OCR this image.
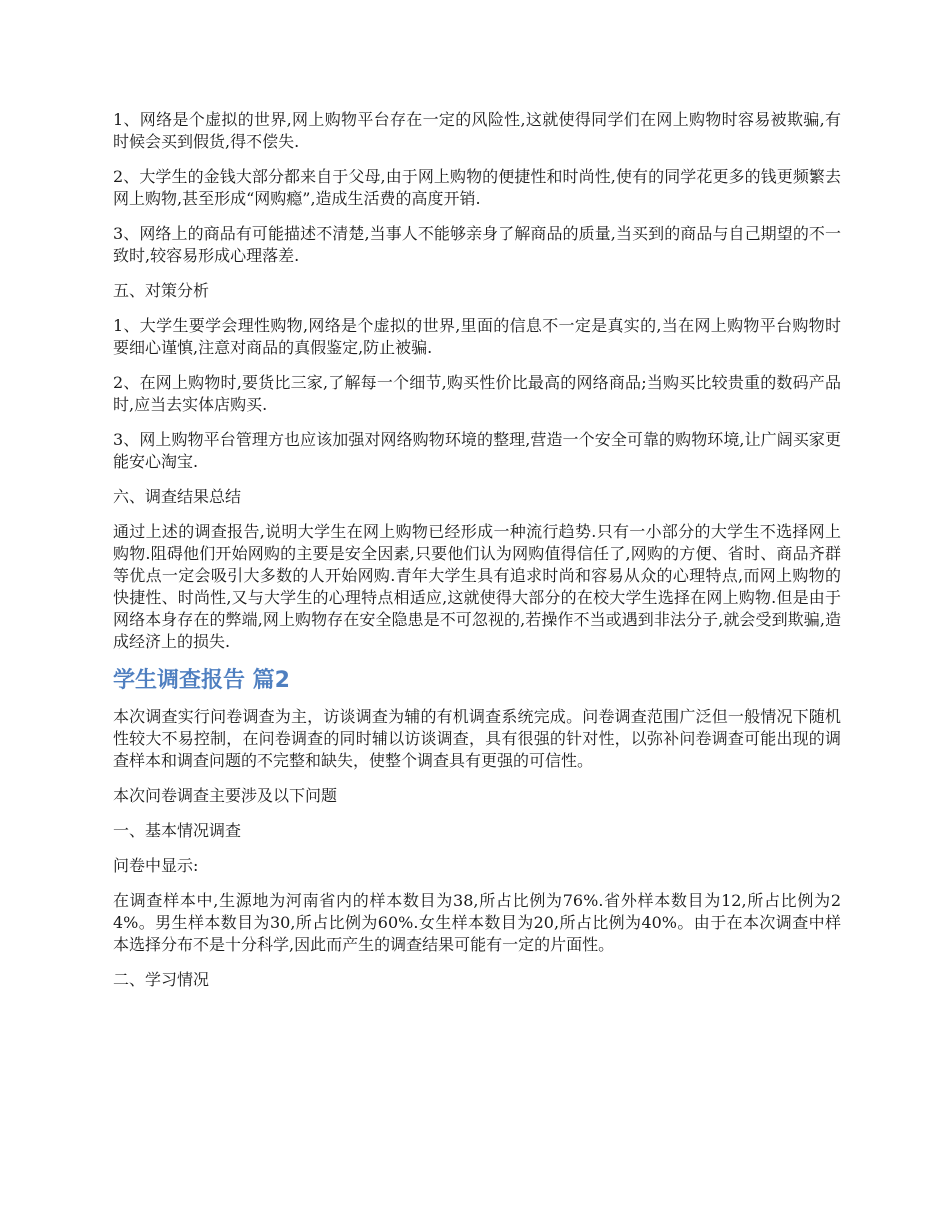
1、网络是个虚拟的世界,网上购物平台存在一定的风险性,这就使得同学们在网上购物时容易被欺骗,有时候会买到假货,得不偿失.

2、大学生的金钱大部分都来自于父母,由于网上购物的便捷性和时尚性,使有的同学花更多的钱更频繁去网上购物,甚至形成“网购瘾”,造成生活费的高度开销.

3、网络上的商品有可能描述不清楚,当事人不能够亲身了解商品的质量,当买到的商品与自己期望的不一致时,较容易形成心理落差.

五、对策分析

1、大学生要学会理性购物,网络是个虚拟的世界,里面的信息不一定是真实的,当在网上购物平台购物时要细心谨慎,注意对商品的真假鉴定,防止被骗.

2、在网上购物时,要货比三家,了解每一个细节,购买性价比最高的网络商品;当购买比较贵重的数码产品时,应当去实体店购买.

3、网上购物平台管理方也应该加强对网络购物环境的整理,营造一个安全可靠的购物环境,让广阔买家更能安心淘宝.

六、调查结果总结

通过上述的调查报告,说明大学生在网上购物已经形成一种流行趋势.只有一小部分的大学生不选择网上购物.阻碍他们开始网购的主要是安全因素,只要他们认为网购值得信任了,网购的方便、省时、商品齐群等优点一定会吸引大多数的人开始网购.青年大学生具有追求时尚和容易从众的心理特点,而网上购物的快捷性、时尚性,又与大学生的心理特点相适应,这就使得大部分的在校大学生选择在网上购物.但是由于网络本身存在的弊端,网上购物存在安全隐患是不可忽视的,若操作不当或遇到非法分子,就会受到欺骗,造成经济上的损失.

学生调查报告 篇2

本次调查实行问卷调查为主，访谈调查为辅的有机调查系统完成。问卷调查范围广泛但一般情况下随机性较大不易控制，在问卷调查的同时辅以访谈调查，具有很强的针对性，以弥补问卷调查可能出现的调查样本和调查问题的不完整和缺失，使整个调查具有更强的可信性。

本次问卷调查主要涉及以下问题

一、基本情况调查

问卷中显示:

在调查样本中,生源地为河南省内的样本数目为38,所占比例为76%.省外样本数目为12,所占比例为24%。男生样本数目为30,所占比例为60%.女生样本数目为20,所占比例为40%。由于在本次调查中样本选择分布不是十分科学,因此而产生的调查结果可能有一定的片面性。

二、学习情况
